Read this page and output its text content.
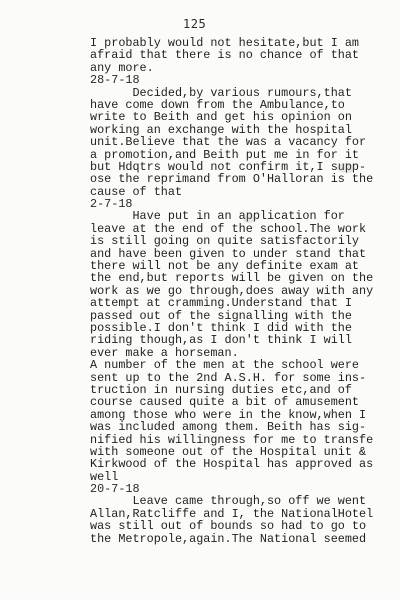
125
I probably would not hesitate,but I am
afraid that there is no chance of that
any more.
28-7-18
Decided,by various rumours,that
have come down from the Ambulance,to
write to Beith and get his opinion on
working an exchange with the hospital
unit.Believe that the was a vacancy for
a promotion,and Beith put me in for it
but Hdqtrs would not confirm it,I supp-
ose the reprimand from O'Halloran is the
cause of that
2-7-18
Have put in an application for
leave at the end of the school.The work
is still going on quite satisfactorily
and have been given to under stand that
there will not be any definite exam at
the end,but reports will be given on the
work as we go through,does away with any
attempt at cramming.Understand that I
passed out of the signalling with the
possible.I don't think I did with the
riding though,as I don't think I will
ever make a horseman.
A number of the men at the school were
sent up to the 2nd A.S.H. for some ins-
truction in nursing duties etc,and of
course caused quite a bit of amusement
among those who were in the know,when I
was included among them. Beith has sig-
nified his willingness for me to transfe
with someone out of the Hospital unit &
Kirkwood of the Hospital has approved as
well
20-7-18
Leave came through,so off we went
Allan,Ratcliffe and I, the NationalHotel
was still out of bounds so had to go to
the Metropole,again.The National seemed
